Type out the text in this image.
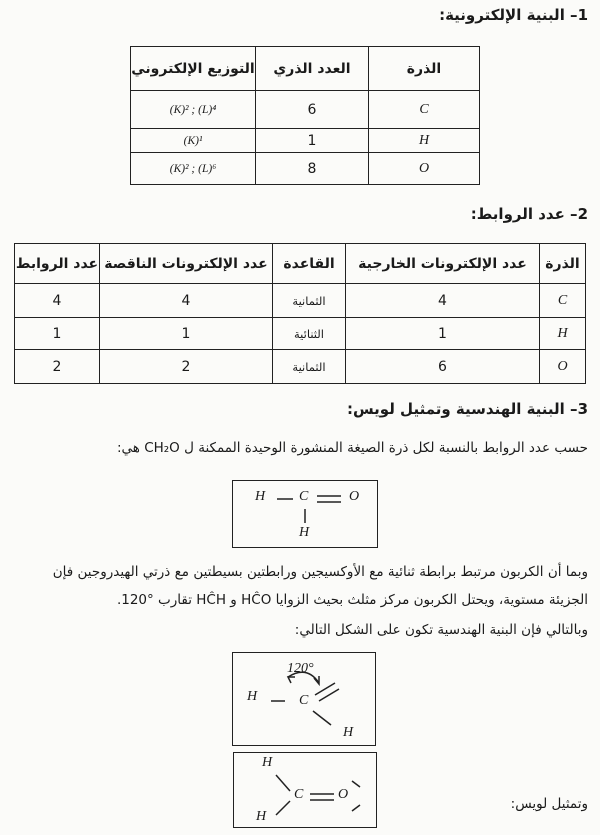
1– البنية الإلكترونية:
الذرة	العدد الذري	التوزيع الإلكتروني
C	6	(K)² ; (L)⁴
H	1	(K)¹
O	8	(K)² ; (L)⁶
2– عدد الروابط:
الذرة	عدد الإلكترونات الخارجية	القاعدة	عدد الإلكترونات الناقصة	عدد الروابط
C	4	الثمانية	4	4
H	1	الثنائية	1	1
O	6	الثمانية	2	2
3– البنية الهندسية وتمثيل لويس:
حسب عدد الروابط بالنسبة لكل ذرة الصيغة المنشورة الوحيدة الممكنة ل CH₂O هي:
H C	O
H
وبما أن الكربون مرتبط برابطة ثنائية مع الأوكسيجين ورابطتين بسيطتين مع ذرتي الهيدروجين فإن
الجزيئة مستوية، ويحتل الكربون مركز مثلث بحيث الزوايا HĈO و HĈH تقارب °120.
وبالتالي فإن البنية الهندسية تكون على الشكل التالي:
120°
H	C
H
H
C O
H
وتمثيل لويس:
